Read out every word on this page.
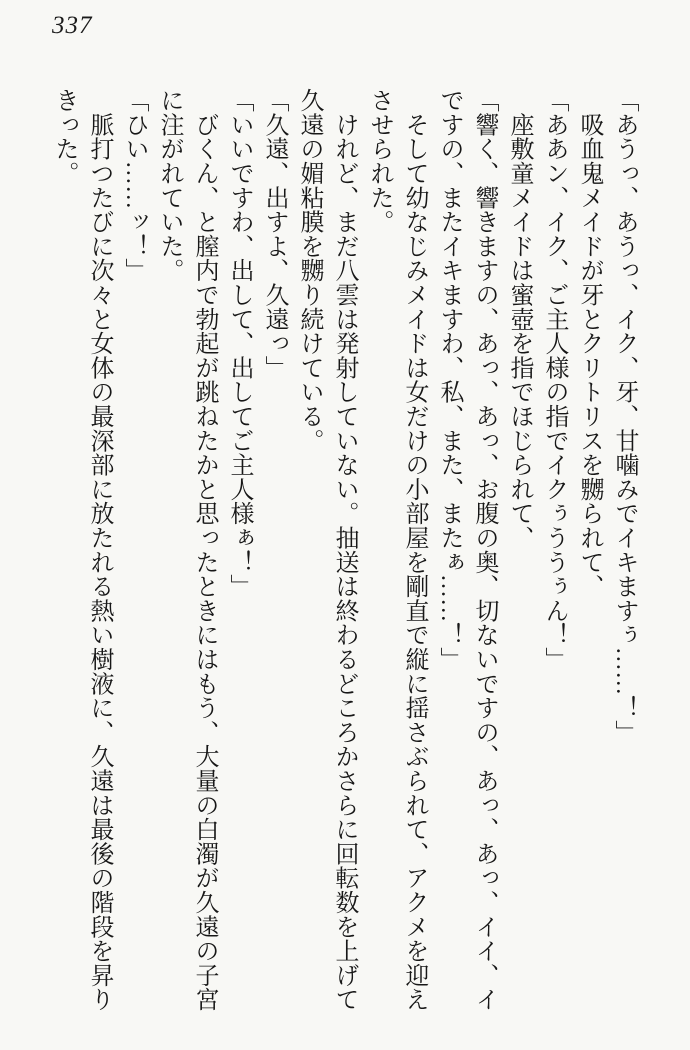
337

「あうっ、あうっ、イク、牙、甘噛みでイキますぅ……！」

　吸血鬼メイドが牙とクリトリスを嬲られて、

「ああン、イク、ご主人様の指でイクぅううぅん！」

　座敷童メイドは蜜壺を指でほじられて、

「響く、響きますの、あっ、あっ、お腹の奥、切ないですの、あっ、あっ、イイ、イですの、またイキますわ、私、また、またぁ……！」

　そして幼なじみメイドは女だけの小部屋を剛直で縦に揺さぶられて、アクメを迎えさせられた。

　けれど、まだ八雲は発射していない。抽送は終わるどころかさらに回転数を上げて久遠の媚粘膜を嬲り続けている。

「久遠、出すよ、久遠っ」

「いいですわ、出して、出してご主人様ぁ！」

　びくん、と膣内で勃起が跳ねたかと思ったときにはもう、大量の白濁が久遠の子宮に注がれていた。

「ひい……ッ！」

　脈打つたびに次々と女体の最深部に放たれる熱い樹液に、久遠は最後の階段を昇りきった。
